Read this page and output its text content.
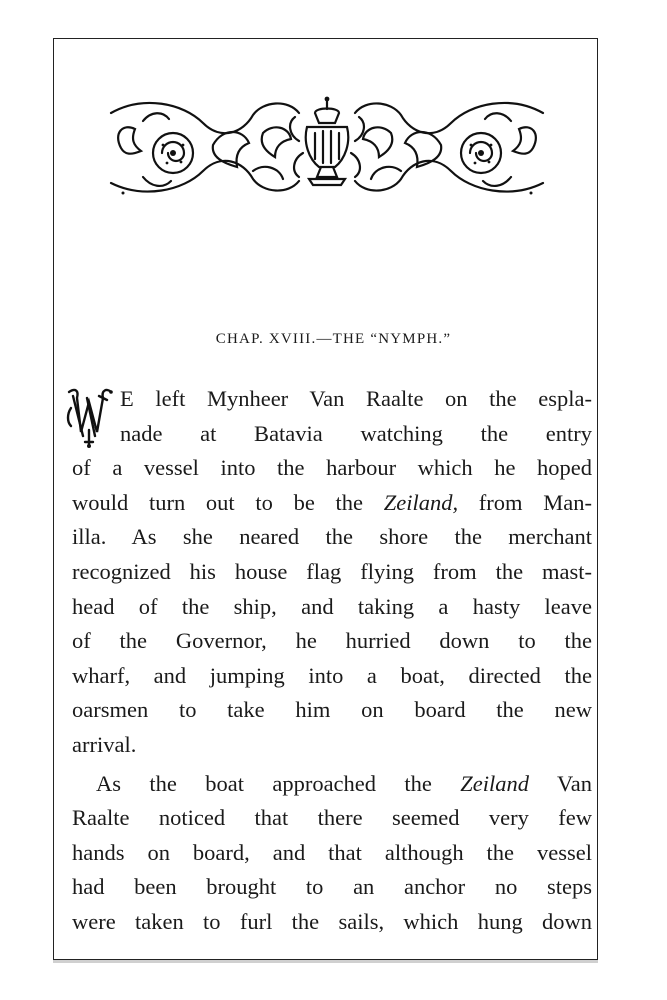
CHAP. XVIII.—THE “NYMPH.”
E left Mynheer Van Raalte on the espla-
nade at Batavia watching the entry
of a vessel into the harbour which he hoped
would turn out to be the Zeiland, from Man-
illa. As she neared the shore the merchant
recognized his house flag flying from the mast-
head of the ship, and taking a hasty leave
of the Governor, he hurried down to the
wharf, and jumping into a boat, directed the
oarsmen to take him on board the new
arrival.
As the boat approached the Zeiland Van
Raalte noticed that there seemed very few
hands on board, and that although the vessel
had been brought to an anchor no steps
were taken to furl the sails, which hung down
